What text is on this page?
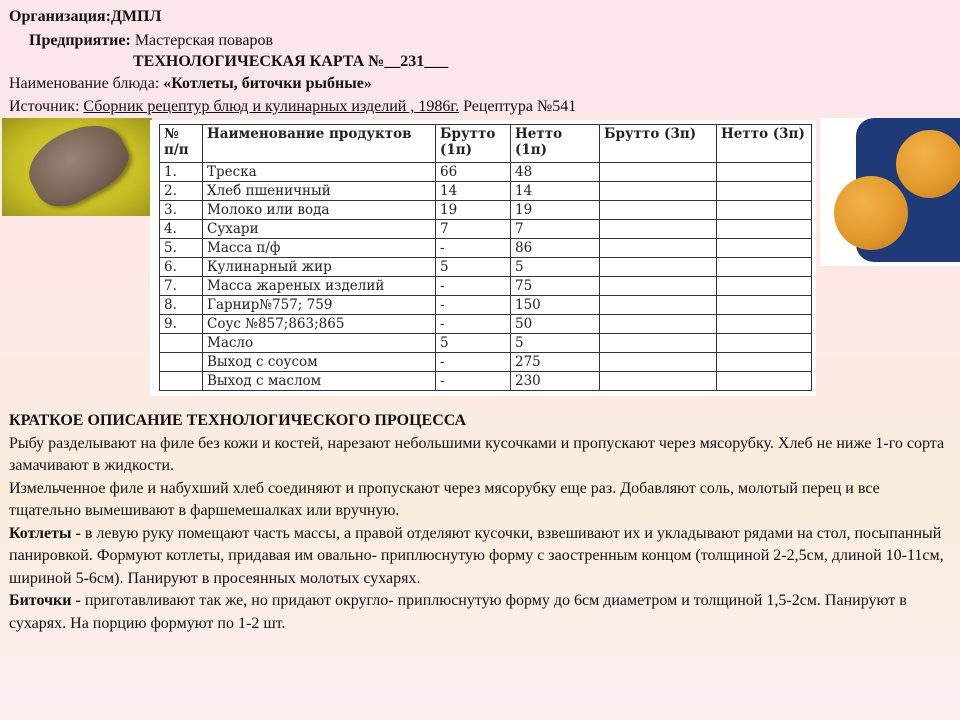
Организация:ДМПЛ
Предприятие: Мастерская поваров
ТЕХНОЛОГИЧЕСКАЯ КАРТА №__231___
Наименование блюда: «Котлеты, биточки рыбные»
Источник: Сборник рецептур блюд и кулинарных изделий , 1986г. Рецептура №541
№ п/п	Наименование продуктов	Брутто (1п)	Нетто (1п)	Брутто (3п)	Нетто (3п)
1.	Треска	66	48		
2.	Хлеб пшеничный	14	14		
3.	Молоко или вода	19	19		
4.	Сухари	7	7		
5.	Масса п/ф	-	86		
6.	Кулинарный жир	5	5		
7.	Масса жареных изделий	-	75		
8.	Гарнир№757; 759	-	150		
9.	Соус №857;863;865	-	50		
	Масло	5	5		
	Выход с соусом	-	275		
	Выход с маслом	-	230		

КРАТКОЕ ОПИСАНИЕ ТЕХНОЛОГИЧЕСКОГО ПРОЦЕССА

Рыбу разделывают на филе без кожи и костей, нарезают небольшими кусочками и пропускают через мясорубку. Хлеб не ниже 1-го сорта замачивают в жидкости.

Измельченное филе и набухший хлеб соединяют и пропускают через мясорубку еще раз. Добавляют соль, молотый перец и все тщательно вымешивают в фаршемешалках или вручную.

Котлеты - в левую руку помещают часть массы, а правой отделяют кусочки, взвешивают их и укладывают рядами на стол, посыпанный панировкой. Формуют котлеты, придавая им овально- приплюснутую форму с заостренным концом (толщиной 2-2,5см, длиной 10-11см, шириной 5-6см). Панируют в просеянных молотых сухарях.

Биточки - приготавливают так же, но придают округло- приплюснутую форму до 6см диаметром и толщиной 1,5-2см. Панируют в сухарях. На порцию формуют по 1-2 шт.
